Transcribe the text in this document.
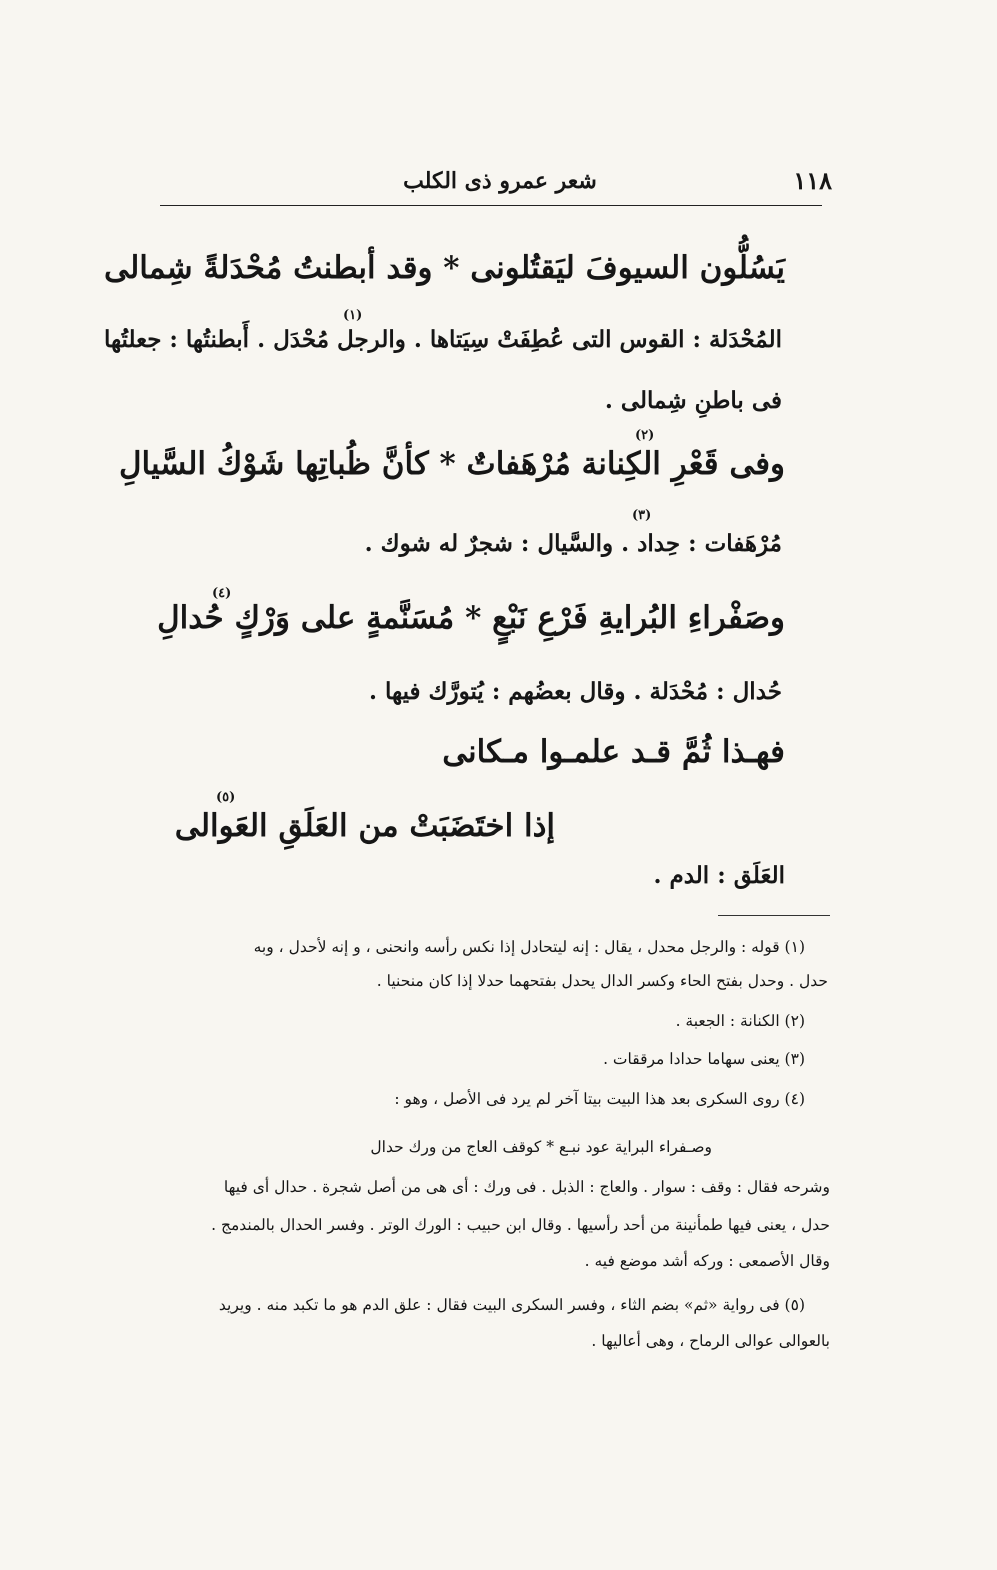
١١٨
شعر عمرو ذى الكلب
يَسُلُّون السيوفَ ليَقتُلونى * وقد أبطنتُ مُحْدَلةً شِمالى
(١)
المُحْدَلة : القوس التى عُطِفَتْ سِيَتاها . والرجل مُحْدَل . أَبطنتُها : جعلتُها
فى باطنِ شِمالى .
(٢)
وفى قَعْرِ الكِنانة مُرْهَفاتٌ * كأنَّ ظُباتِها شَوْكُ السَّيالِ
(٣)
مُرْهَفات : حِداد . والسَّيال : شجرٌ له شوك .
(٤)
وصَفْراءِ البُرايةِ فَرْعِ نَبْعٍ * مُسَنَّمةٍ على وَرْكٍ حُدالِ
حُدال : مُحْدَلة . وقال بعضُهم : يُتورَّك فيها .
فهـذا ثُمَّ قـد علمـوا مـكانى
(٥)
إذا اختَضَبَتْ من العَلَقِ العَوالى
العَلَق : الدم .
(١) قوله : والرجل محدل ، يقال : إنه ليتحادل إذا نكس رأسه وانحنى ، و إنه لأحدل ، وبه
حدل . وحدل بفتح الحاء وكسر الدال يحدل بفتحهما حدلا إذا كان منحنيا .
(٢) الكنانة : الجعبة .
(٣) يعنى سهاما حدادا مرققات .
(٤) روى السكرى بعد هذا البيت بيتا آخر لم يرد فى الأصل ، وهو :
وصـفراء البراية عود نبـع * كوقف العاج من ورك حدال
وشرحه فقال : وقف : سوار . والعاج : الذبل . فى ورك : أى هى من أصل شجرة . حدال أى فيها
حدل ، يعنى فيها طمأنينة من أحد رأسيها . وقال ابن حبيب : الورك الوتر . وفسر الحدال بالمندمج .
وقال الأصمعى : وركه أشد موضع فيه .
(٥) فى رواية «ثم» بضم الثاء ، وفسر السكرى البيت فقال : علق الدم هو ما تكبد منه . ويريد
بالعوالى عوالى الرماح ، وهى أعاليها .
